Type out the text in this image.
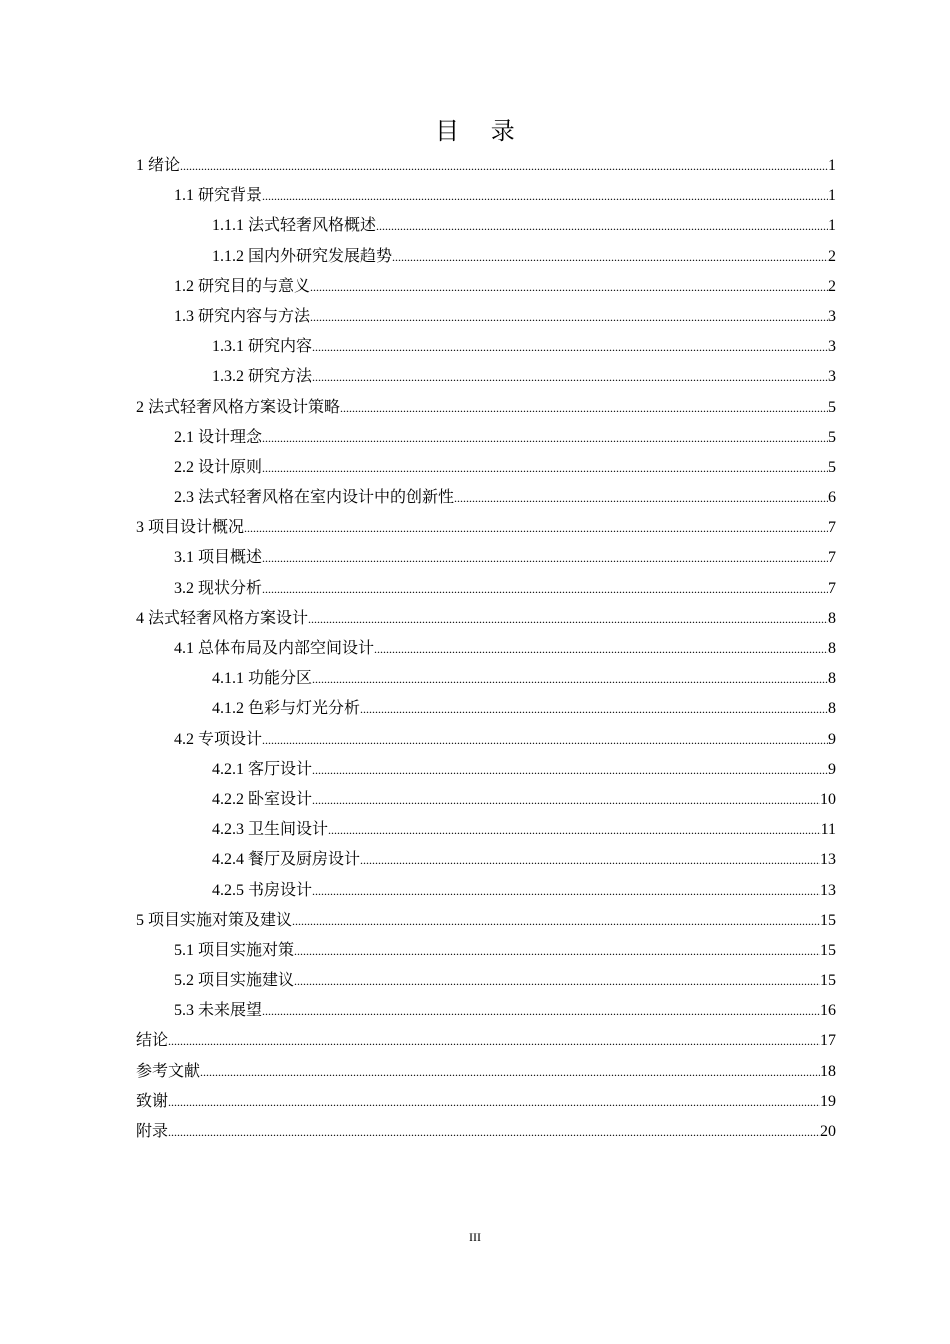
目 录
1 绪论 .....	1
1.1 研究背景 .....	1
1.1.1 法式轻奢风格概述 .....	1
1.1.2 国内外研究发展趋势 .....	2
1.2 研究目的与意义 .....	2
1.3 研究内容与方法 .....	3
1.3.1 研究内容 .....	3
1.3.2 研究方法 .....	3
2 法式轻奢风格方案设计策略 .....	5
2.1 设计理念 .....	5
2.2 设计原则 .....	5
2.3 法式轻奢风格在室内设计中的创新性 .....	6
3 项目设计概况 .....	7
3.1 项目概述 .....	7
3.2 现状分析 .....	7
4 法式轻奢风格方案设计 .....	8
4.1 总体布局及内部空间设计 .....	8
4.1.1 功能分区 .....	8
4.1.2 色彩与灯光分析 .....	8
4.2 专项设计 .....	9
4.2.1 客厅设计 .....	9
4.2.2 卧室设计 .....	10
4.2.3 卫生间设计 .....	11
4.2.4 餐厅及厨房设计 .....	13
4.2.5 书房设计 .....	13
5 项目实施对策及建议 .....	15
5.1 项目实施对策 .....	15
5.2 项目实施建议 .....	15
5.3 未来展望 .....	16
结论 .....	17
参考文献 .....	18
致谢 .....	19
附录 .....	20
III
